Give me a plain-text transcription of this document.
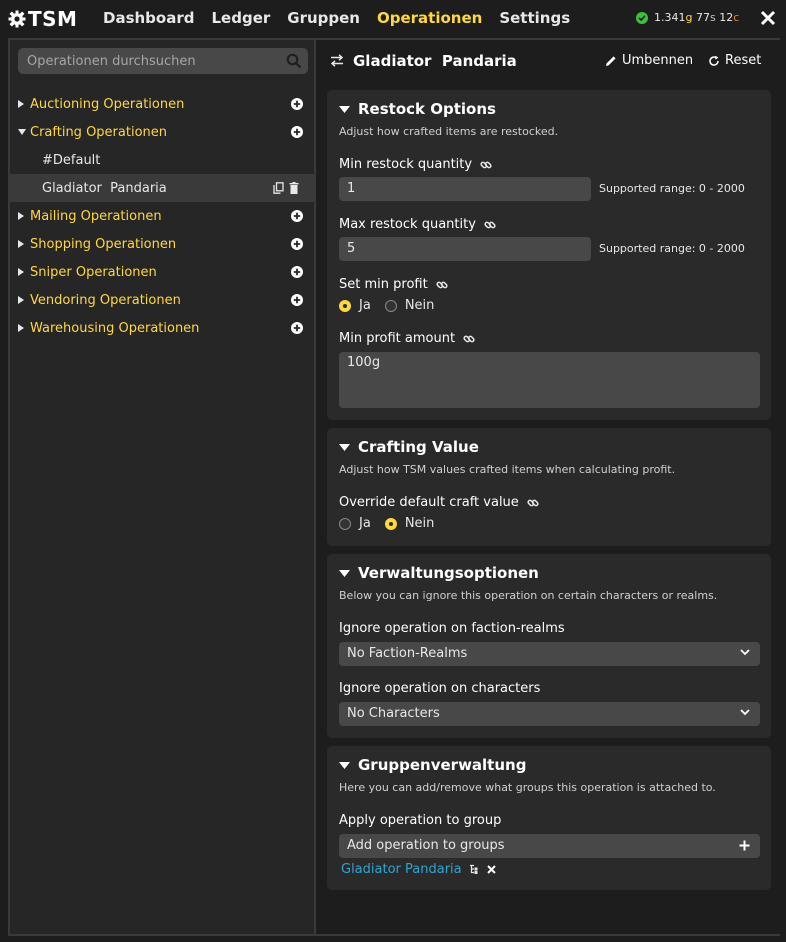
TSM Dashboard Ledger Gruppen Operationen Settings	1.341g 77s 12c
Operationen durchsuchen
Auctioning Operationen
Crafting Operationen
#Default
Gladiator  Pandaria
Mailing Operationen
Shopping Operationen
Sniper Operationen
Vendoring Operationen
Warehousing Operationen
Gladiator  Pandaria	Umbennen Reset
Restock Options
Adjust how crafted items are restocked.
Min restock quantity
1	Supported range: 0 - 2000
Max restock quantity
5	Supported range: 0 - 2000
Set min profit
Ja	Nein
Min profit amount
100g
Crafting Value
Adjust how TSM values crafted items when calculating profit.
Override default craft value
Ja	Nein
Verwaltungsoptionen
Below you can ignore this operation on certain characters or realms.
Ignore operation on faction-realms
No Faction-Realms
Ignore operation on characters
No Characters
Gruppenverwaltung
Here you can add/remove what groups this operation is attached to.
Apply operation to group
Add operation to groups
Gladiator Pandaria
